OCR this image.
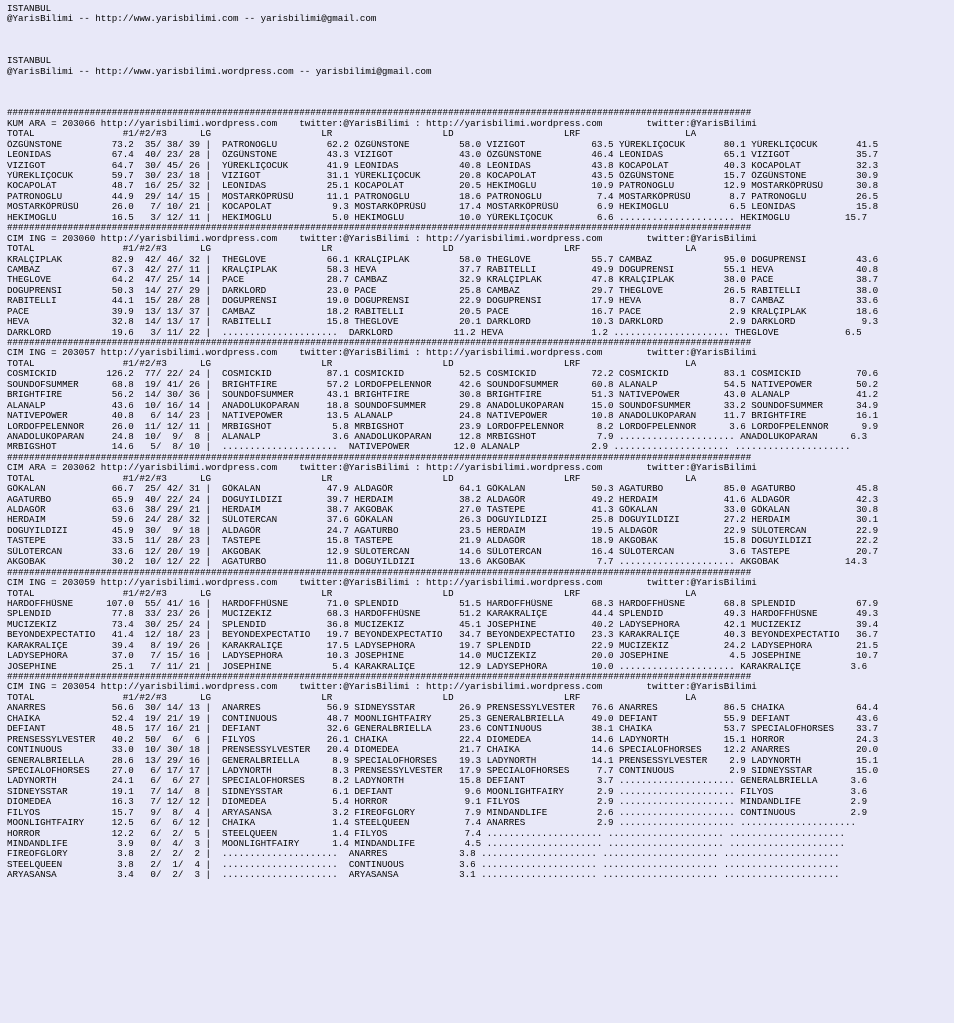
ISTANBUL
@YarisBilimi -- http://www.yarisbilimi.com -- yarisbilimi@gmail.com
ISTANBUL
@YarisBilimi -- http://www.yarisbilimi.wordpress.com -- yarisbilimi@gmail.com
#######################################################################################################################################
KUM ARA = 203066 http://yarisbilimi.wordpress.com    twitter:@YarisBilimi : http://yarisbilimi.wordpress.com        twitter:@YarisBilimi
TOTAL                #1/#2/#3      LG                    LR                    LD                    LRF                   LA
ÖZGÜNSTONE         73.2  35/ 38/ 39 |  PATRONOGLU         62.2 ÖZGÜNSTONE         58.0 VIZIGOT            63.5 YÜREKLIÇOCUK       80.1 YÜREKLIÇOCUK       41.5
LEONIDAS           67.4  40/ 23/ 28 |  ÖZGÜNSTONE         43.3 VIZIGOT            43.0 ÖZGÜNSTONE         46.4 LEONIDAS           65.1 VIZIGOT            35.7
VIZIGOT            64.7  30/ 45/ 26 |  YÜREKLIÇOCUK       41.9 LEONIDAS           40.8 LEONIDAS           43.8 KOCAPOLAT          40.3 KOCAPOLAT          32.3
YÜREKLIÇOCUK       59.7  30/ 23/ 18 |  VIZIGOT            31.1 YÜREKLIÇOCUK       20.8 KOCAPOLAT          43.5 ÖZGÜNSTONE         15.7 ÖZGÜNSTONE         30.9
KOCAPOLAT          48.7  16/ 25/ 32 |  LEONIDAS           25.1 KOCAPOLAT          20.5 HEKIMOGLU          10.9 PATRONOGLU         12.9 MOSTARKÖPRÜSÜ      30.8
PATRONOGLU         44.9  29/ 14/ 15 |  MOSTARKÖPRÜSÜ      11.1 PATRONOGLU         18.6 PATRONOGLU          7.4 MOSTARKÖPRÜSÜ       8.7 PATRONOGLU         26.5
MOSTARKÖPRÜSÜ      26.0   7/ 10/ 21 |  KOCAPOLAT           9.3 MOSTARKÖPRÜSÜ      17.4 MOSTARKÖPRÜSÜ       6.9 HEKIMOGLU           6.5 LEONIDAS           15.8
HEKIMOGLU          16.5   3/ 12/ 11 |  HEKIMOGLU           5.0 HEKIMOGLU          10.0 YÜREKLIÇOCUK        6.6 ..................... HEKIMOGLU          15.7
#######################################################################################################################################
CIM ING = 203060 http://yarisbilimi.wordpress.com    twitter:@YarisBilimi : http://yarisbilimi.wordpress.com        twitter:@YarisBilimi
TOTAL                #1/#2/#3      LG                    LR                    LD                    LRF                   LA
KRALÇIPLAK         82.9  42/ 46/ 32 |  THEGLOVE           66.1 KRALÇIPLAK         58.0 THEGLOVE           55.7 CAMBAZ             95.0 DOGUPRENSI         43.6
CAMBAZ             67.3  42/ 27/ 11 |  KRALÇIPLAK         58.3 HEVA               37.7 RABITELLI          49.9 DOGUPRENSI         55.1 HEVA               40.8
THEGLOVE           64.2  47/ 25/ 14 |  PACE               28.7 CAMBAZ             32.9 KRALÇIPLAK         47.8 KRALÇIPLAK         38.0 PACE               38.7
DOGUPRENSI         50.3  14/ 27/ 29 |  DARKLORD           23.0 PACE               25.8 CAMBAZ             29.7 THEGLOVE           26.5 RABITELLI          38.0
RABITELLI          44.1  15/ 28/ 28 |  DOGUPRENSI         19.0 DOGUPRENSI         22.9 DOGUPRENSI         17.9 HEVA                8.7 CAMBAZ             33.6
PACE               39.9  13/ 13/ 37 |  CAMBAZ             18.2 RABITELLI          20.5 PACE               16.7 PACE                2.9 KRALÇIPLAK         18.6
HEVA               32.8  14/ 13/ 17 |  RABITELLI          15.8 THEGLOVE           20.1 DARKLORD           10.3 DARKLORD            2.9 DARKLORD            9.3
DARKLORD           19.6   3/ 11/ 22 |  .....................  DARKLORD           11.2 HEVA                1.2 ..................... THEGLOVE            6.5
#######################################################################################################################################
CIM ING = 203057 http://yarisbilimi.wordpress.com    twitter:@YarisBilimi : http://yarisbilimi.wordpress.com        twitter:@YarisBilimi
TOTAL                #1/#2/#3      LG                    LR                    LD                    LRF                   LA
COSMICKID         126.2  77/ 22/ 24 |  COSMICKID          87.1 COSMICKID          52.5 COSMICKID          72.2 COSMICKID          83.1 COSMICKID          70.6
SOUNDOFSUMMER      68.8  19/ 41/ 26 |  BRIGHTFIRE         57.2 LORDOFPELENNOR     42.6 SOUNDOFSUMMER      60.8 ALANALP            54.5 NATIVEPOWER        50.2
BRIGHTFIRE         56.2  14/ 30/ 36 |  SOUNDOFSUMMER      43.1 BRIGHTFIRE         30.8 BRIGHTFIRE         51.3 NATIVEPOWER        43.0 ALANALP            41.2
ALANALP            43.6  10/ 16/ 14 |  ANADOLUKOPARAN     18.8 SOUNDOFSUMMER      29.8 ANADOLUKOPARAN     15.0 SOUNDOFSUMMER      33.2 SOUNDOFSUMMER      34.9
NATIVEPOWER        40.8   6/ 14/ 23 |  NATIVEPOWER        13.5 ALANALP            24.8 NATIVEPOWER        10.8 ANADOLUKOPARAN     11.7 BRIGHTFIRE         16.1
LORDOFPELENNOR     26.0  11/ 12/ 11 |  MRBIGSHOT           5.8 MRBIGSHOT          23.9 LORDOFPELENNOR      8.2 LORDOFPELENNOR      3.6 LORDOFPELENNOR      9.9
ANADOLUKOPARAN     24.8  10/  9/  8 |  ALANALP             3.6 ANADOLUKOPARAN     12.8 MRBIGSHOT           7.9 ..................... ANADOLUKOPARAN      6.3
MRBIGSHOT          14.6   5/  8/ 10 |  .....................  NATIVEPOWER        12.0 ALANALP             2.9 ..................... .....................
#######################################################################################################################################
CIM ARA = 203062 http://yarisbilimi.wordpress.com    twitter:@YarisBilimi : http://yarisbilimi.wordpress.com        twitter:@YarisBilimi
TOTAL                #1/#2/#3      LG                    LR                    LD                    LRF                   LA
GÖKALAN            66.7  25/ 42/ 31 |  GÖKALAN            47.9 ALDAGÖR            64.1 GÖKALAN            50.3 AGATURBO           85.0 AGATURBO           45.8
AGATURBO           65.9  40/ 22/ 24 |  DOGUYILDIZI        39.7 HERDAIM            38.2 ALDAGÖR            49.2 HERDAIM            41.6 ALDAGÖR            42.3
ALDAGÖR            63.6  38/ 29/ 21 |  HERDAIM            38.7 AKGOBAK            27.0 TASTEPE            41.3 GÖKALAN            33.0 GÖKALAN            30.8
HERDAIM            59.6  24/ 28/ 32 |  SÜLOTERCAN         37.6 GÖKALAN            26.3 DOGUYILDIZI        25.8 DOGUYILDIZI        27.2 HERDAIM            30.1
DOGUYILDIZI        45.9  30/  9/ 18 |  ALDAGÖR            24.7 AGATURBO           23.5 HERDAIM            19.5 ALDAGÖR            22.9 SÜLOTERCAN         22.9
TASTEPE            33.5  11/ 28/ 23 |  TASTEPE            15.8 TASTEPE            21.9 ALDAGÖR            18.9 AKGOBAK            15.8 DOGUYILDIZI        22.2
SÜLOTERCAN         33.6  12/ 20/ 19 |  AKGOBAK            12.9 SÜLOTERCAN         14.6 SÜLOTERCAN         16.4 SÜLOTERCAN          3.6 TASTEPE            20.7
AKGOBAK            30.2  10/ 12/ 22 |  AGATURBO           11.8 DOGUYILDIZI        13.6 AKGOBAK             7.7 ..................... AKGOBAK            14.3
#######################################################################################################################################
CIM ING = 203059 http://yarisbilimi.wordpress.com    twitter:@YarisBilimi : http://yarisbilimi.wordpress.com        twitter:@YarisBilimi
TOTAL                #1/#2/#3      LG                    LR                    LD                    LRF                   LA
HARDOFFHÜSNE      107.0  55/ 41/ 16 |  HARDOFFHÜSNE       71.0 SPLENDID           51.5 HARDOFFHÜSNE       68.3 HARDOFFHÜSNE       68.8 SPLENDID           67.9
SPLENDID           77.8  33/ 23/ 26 |  MUCIZEKIZ          68.3 HARDOFFHÜSNE       51.2 KARAKRALIÇE        44.4 SPLENDID           49.3 HARDOFFHÜSNE       49.3
MUCIZEKIZ          73.4  30/ 25/ 24 |  SPLENDID           36.8 MUCIZEKIZ          45.1 JOSEPHINE          40.2 LADYSEPHORA        42.1 MUCIZEKIZ          39.4
BEYONDEXPECTATIO   41.4  12/ 18/ 23 |  BEYONDEXPECTATIO   19.7 BEYONDEXPECTATIO   34.7 BEYONDEXPECTATIO   23.3 KARAKRALIÇE        40.3 BEYONDEXPECTATIO   36.7
KARAKRALIÇE        39.4   8/ 19/ 26 |  KARAKRALIÇE        17.5 LADYSEPHORA        19.7 SPLENDID           22.9 MUCIZEKIZ          24.2 LADYSEPHORA        21.5
LADYSEPHORA        37.0   7/ 15/ 16 |  LADYSEPHORA        10.3 JOSEPHINE          14.0 MUCIZEKIZ          20.0 JOSEPHINE           4.5 JOSEPHINE          10.7
JOSEPHINE          25.1   7/ 11/ 21 |  JOSEPHINE           5.4 KARAKRALIÇE        12.9 LADYSEPHORA        10.0 ..................... KARAKRALIÇE         3.6
#######################################################################################################################################
CIM ING = 203054 http://yarisbilimi.wordpress.com    twitter:@YarisBilimi : http://yarisbilimi.wordpress.com        twitter:@YarisBilimi
TOTAL                #1/#2/#3      LG                    LR                    LD                    LRF                   LA
ANARRES            56.6  30/ 14/ 13 |  ANARRES            56.9 SIDNEYSSTAR        26.9 PRENSESSYLVESTER   76.6 ANARRES            86.5 CHAIKA             64.4
CHAIKA             52.4  19/ 21/ 19 |  CONTINUOUS         48.7 MOONLIGHTFAIRY     25.3 GENERALBRIELLA     49.0 DEFIANT            55.9 DEFIANT            43.6
DEFIANT            48.5  17/ 16/ 21 |  DEFIANT            32.6 GENERALBRIELLA     23.6 CONTINUOUS         38.1 CHAIKA             53.7 SPECIALOFHORSES    33.7
PRENSESSYLVESTER   40.2  50/  6/  6 |  FILYOS             26.1 CHAIKA             22.4 DIOMEDEA           14.6 LADYNORTH          15.1 HORROR             24.3
CONTINUOUS         33.0  10/ 30/ 18 |  PRENSESSYLVESTER   20.4 DIOMEDEA           21.7 CHAIKA             14.6 SPECIALOFHORSES    12.2 ANARRES            20.0
GENERALBRIELLA     28.6  13/ 29/ 16 |  GENERALBRIELLA      8.9 SPECIALOFHORSES    19.3 LADYNORTH          14.1 PRENSESSYLVESTER    2.9 LADYNORTH          15.1
SPECIALOFHORSES    27.0   6/ 17/ 17 |  LADYNORTH           8.3 PRENSESSYLVESTER   17.9 SPECIALOFHORSES     7.7 CONTINUOUS          2.9 SIDNEYSSTAR        15.0
LADYNORTH          24.1   6/  6/ 27 |  SPECIALOFHORSES     8.2 LADYNORTH          15.8 DEFIANT             3.7 ..................... GENERALBRIELLA      3.6
SIDNEYSSTAR        19.1   7/ 14/  8 |  SIDNEYSSTAR         6.1 DEFIANT             9.6 MOONLIGHTFAIRY      2.9 ..................... FILYOS              3.6
DIOMEDEA           16.3   7/ 12/ 12 |  DIOMEDEA            5.4 HORROR              9.1 FILYOS              2.9 ..................... MINDANDLIFE         2.9
FILYOS             15.7   9/  8/  4 |  ARYASANSA           3.2 FIREOFGLORY         7.9 MINDANDLIFE         2.6 ..................... CONTINUOUS          2.9
MOONLIGHTFAIRY     12.5   6/  6/ 12 |  CHAIKA              1.4 STEELQUEEN          7.4 ANARRES             2.9 ..................... .....................
HORROR             12.2   6/  2/  5 |  STEELQUEEN          1.4 FILYOS              7.4 ..................... ..................... .....................
MINDANDLIFE         3.9   0/  4/  3 |  MOONLIGHTFAIRY      1.4 MINDANDLIFE         4.5 ..................... ..................... .....................
FIREOFGLORY         3.8   2/  2/  2 |  .....................  ANARRES             3.8 ..................... ..................... .....................
STEELQUEEN          3.8   2/  1/  4 |  .....................  CONTINUOUS          3.6 ..................... ..................... .....................
ARYASANSA           3.4   0/  2/  3 |  .....................  ARYASANSA           3.1 ..................... ..................... .....................
